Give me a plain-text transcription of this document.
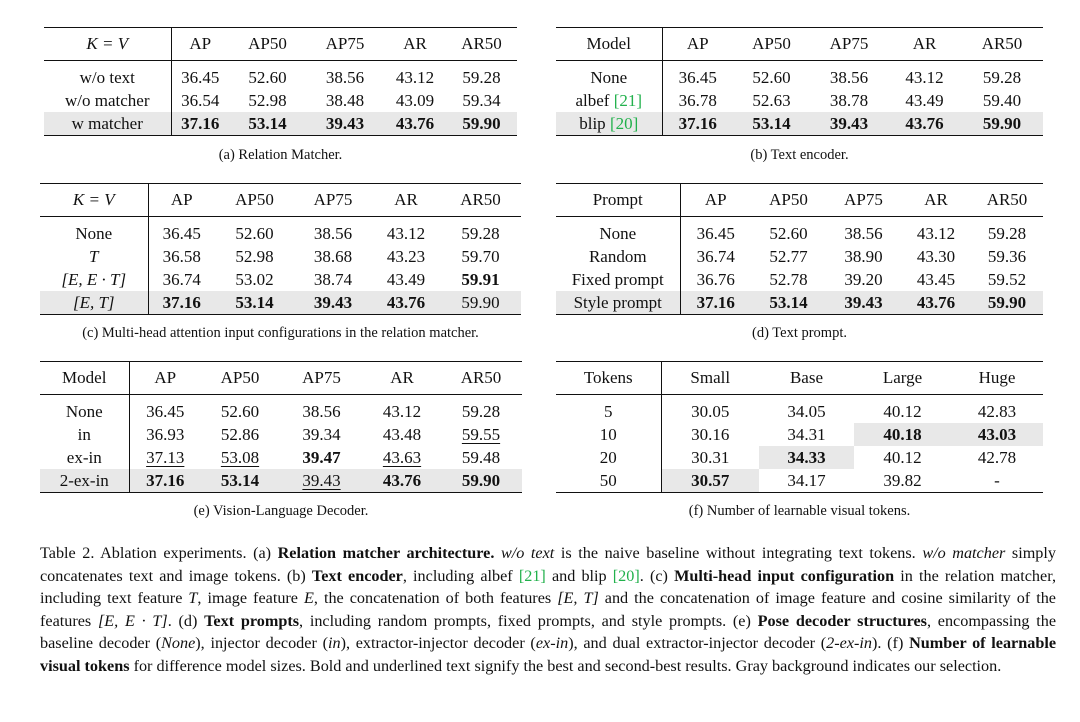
K = V	AP	AP50	AP75	AR	AR50
w/o text	36.45	52.60	38.56	43.12	59.28
w/o matcher	36.54	52.98	38.48	43.09	59.34
w matcher	37.16	53.14	39.43	43.76	59.90
(a) Relation Matcher.
Model	AP	AP50	AP75	AR	AR50
None	36.45	52.60	38.56	43.12	59.28
albef [21]	36.78	52.63	38.78	43.49	59.40
blip [20]	37.16	53.14	39.43	43.76	59.90
(b) Text encoder.
K = V	AP	AP50	AP75	AR	AR50
None	36.45	52.60	38.56	43.12	59.28
T	36.58	52.98	38.68	43.23	59.70
[E, E · T]	36.74	53.02	38.74	43.49	59.91
[E, T]	37.16	53.14	39.43	43.76	59.90
(c) Multi-head attention input configurations in the relation matcher.
Prompt	AP	AP50	AP75	AR	AR50
None	36.45	52.60	38.56	43.12	59.28
Random	36.74	52.77	38.90	43.30	59.36
Fixed prompt	36.76	52.78	39.20	43.45	59.52
Style prompt	37.16	53.14	39.43	43.76	59.90
(d) Text prompt.
Model	AP	AP50	AP75	AR	AR50
None	36.45	52.60	38.56	43.12	59.28
in	36.93	52.86	39.34	43.48	59.55
ex-in	37.13	53.08	39.47	43.63	59.48
2-ex-in	37.16	53.14	39.43	43.76	59.90
(e) Vision-Language Decoder.
Tokens	Small	Base	Large	Huge
5	30.05	34.05	40.12	42.83
10	30.16	34.31	40.18	43.03
20	30.31	34.33	40.12	42.78
50	30.57	34.17	39.82	-
(f) Number of learnable visual tokens.
Table 2. Ablation experiments. (a) Relation matcher architecture. w/o text is the naive baseline without integrating text tokens. w/o matcher simply concatenates text and image tokens. (b) Text encoder, including albef [21] and blip [20]. (c) Multi-head input configuration in the relation matcher, including text feature T, image feature E, the concatenation of both features [E, T] and the concatenation of image feature and cosine similarity of the features [E, E · T]. (d) Text prompts, including random prompts, fixed prompts, and style prompts. (e) Pose decoder structures, encompassing the baseline decoder (None), injector decoder (in), extractor-injector decoder (ex-in), and dual extractor-injector decoder (2-ex-in). (f) Number of learnable visual tokens for difference model sizes. Bold and underlined text signify the best and second-best results. Gray background indicates our selection.
